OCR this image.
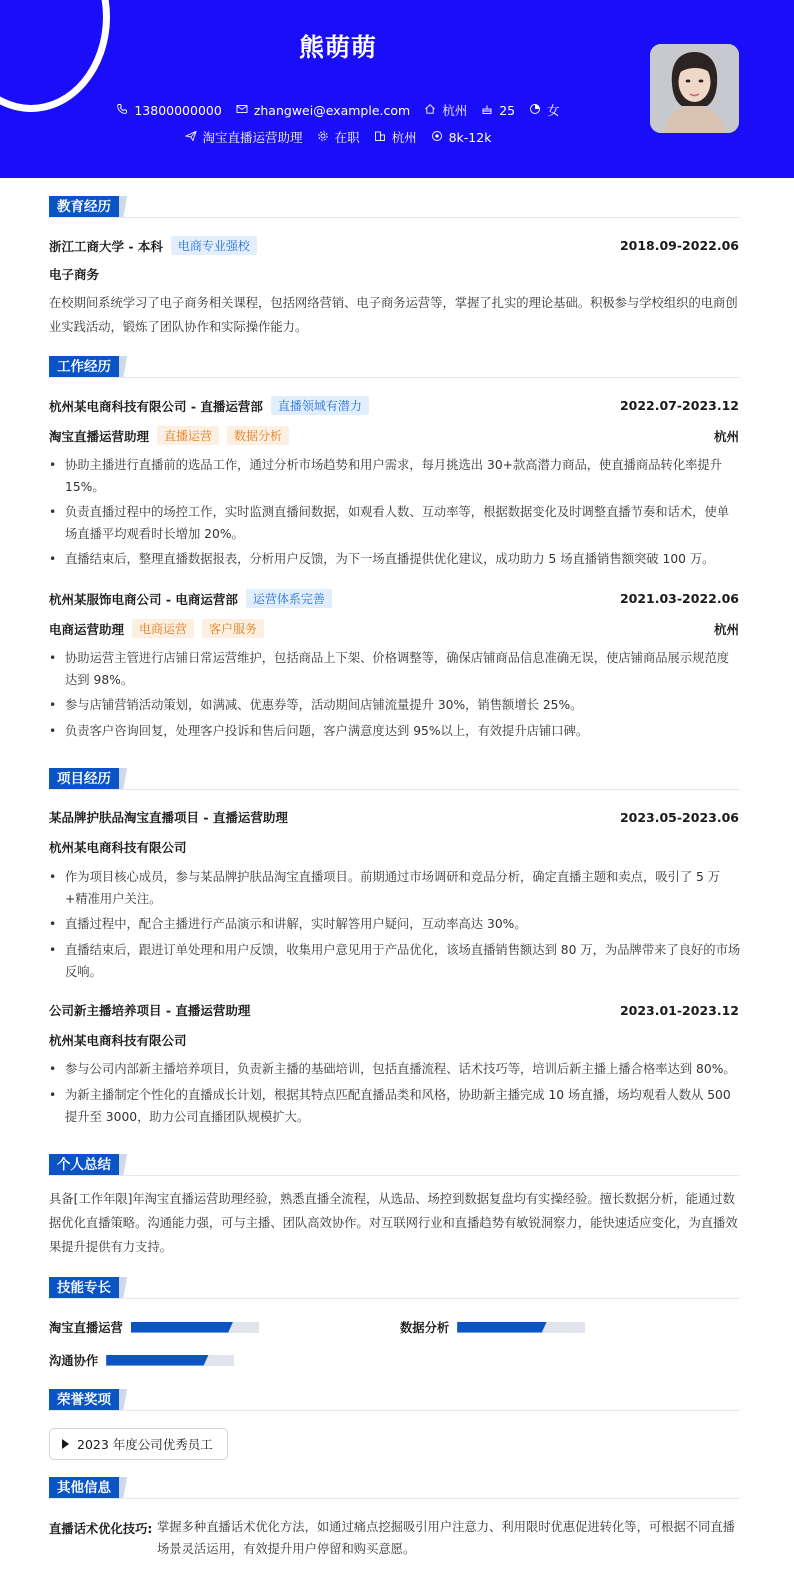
熊萌萌
13800000000	zhangwei@example.com	杭州	25	女
淘宝直播运营助理	在职	杭州	8k-12k
教育经历
浙江工商大学 - 本科	电商专业强校	2018.09-2022.06
电子商务
在校期间系统学习了电子商务相关课程，包括网络营销、电子商务运营等，掌握了扎实的理论基础。积极参与学校组织的电商创业实践活动，锻炼了团队协作和实际操作能力。
工作经历
杭州某电商科技有限公司 - 直播运营部	直播领域有潜力	2022.07-2023.12
淘宝直播运营助理	直播运营	数据分析	杭州
• 协助主播进行直播前的选品工作，通过分析市场趋势和用户需求，每月挑选出 30+款高潜力商品，使直播商品转化率提升 15%。
• 负责直播过程中的场控工作，实时监测直播间数据，如观看人数、互动率等，根据数据变化及时调整直播节奏和话术，使单场直播平均观看时长增加 20%。
• 直播结束后，整理直播数据报表，分析用户反馈，为下一场直播提供优化建议，成功助力 5 场直播销售额突破 100 万。
杭州某服饰电商公司 - 电商运营部	运营体系完善	2021.03-2022.06
电商运营助理	电商运营	客户服务	杭州
• 协助运营主管进行店铺日常运营维护，包括商品上下架、价格调整等，确保店铺商品信息准确无误，使店铺商品展示规范度达到 98%。
• 参与店铺营销活动策划，如满减、优惠券等，活动期间店铺流量提升 30%，销售额增长 25%。
• 负责客户咨询回复，处理客户投诉和售后问题，客户满意度达到 95%以上，有效提升店铺口碑。
项目经历
某品牌护肤品淘宝直播项目 - 直播运营助理	2023.05-2023.06
杭州某电商科技有限公司
• 作为项目核心成员，参与某品牌护肤品淘宝直播项目。前期通过市场调研和竞品分析，确定直播主题和卖点，吸引了 5 万+精准用户关注。
• 直播过程中，配合主播进行产品演示和讲解，实时解答用户疑问，互动率高达 30%。
• 直播结束后，跟进订单处理和用户反馈，收集用户意见用于产品优化，该场直播销售额达到 80 万，为品牌带来了良好的市场反响。
公司新主播培养项目 - 直播运营助理	2023.01-2023.12
杭州某电商科技有限公司
• 参与公司内部新主播培养项目，负责新主播的基础培训，包括直播流程、话术技巧等，培训后新主播上播合格率达到 80%。
• 为新主播制定个性化的直播成长计划，根据其特点匹配直播品类和风格，协助新主播完成 10 场直播，场均观看人数从 500 提升至 3000，助力公司直播团队规模扩大。
个人总结
具备[工作年限]年淘宝直播运营助理经验，熟悉直播全流程，从选品、场控到数据复盘均有实操经验。擅长数据分析，能通过数据优化直播策略。沟通能力强，可与主播、团队高效协作。对互联网行业和直播趋势有敏锐洞察力，能快速适应变化，为直播效果提升提供有力支持。
技能专长
淘宝直播运营	数据分析
沟通协作
荣誉奖项
2023 年度公司优秀员工
其他信息
直播话术优化技巧: 掌握多种直播话术优化方法，如通过痛点挖掘吸引用户注意力、利用限时优惠促进转化等，可根据不同直播场景灵活运用，有效提升用户停留和购买意愿。
